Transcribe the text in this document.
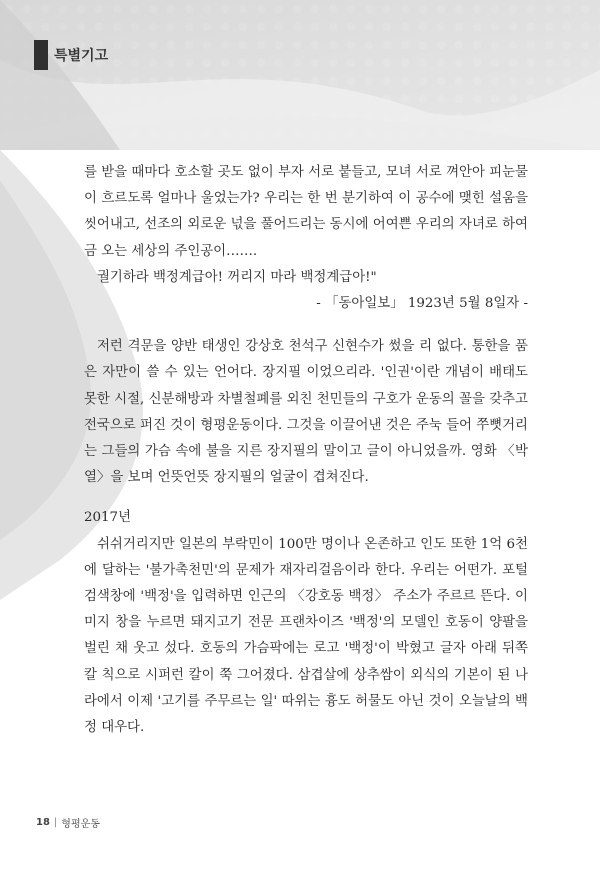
특별기고

를 받을 때마다 호소할 곳도 없이 부자 서로 붙들고, 모녀 서로 껴안아 피눈물이 흐르도록 얼마나 울었는가? 우리는 한 번 분기하여 이 공수에 맺힌 설움을 씻어내고, 선조의 외로운 넋을 풀어드리는 동시에 어여쁜 우리의 자녀로 하여금 오는 세상의 주인공이…….

궐기하라 백정계급아! 꺼리지 마라 백정계급아!"

- 「동아일보」 1923년 5월 8일자 -

저런 격문을 양반 태생인 강상호 천석구 신현수가 썼을 리 없다. 통한을 품은 자만이 쓸 수 있는 언어다. 장지필 이었으리라. '인권'이란 개념이 배태도 못한 시절, 신분해방과 차별철폐를 외친 천민들의 구호가 운동의 꼴을 갖추고 전국으로 퍼진 것이 형평운동이다. 그것을 이끌어낸 것은 주눅 들어 쭈뼛거리는 그들의 가슴 속에 불을 지른 장지필의 말이고 글이 아니었을까. 영화 〈박열〉을 보며 언뜻언뜻 장지필의 얼굴이 겹쳐진다.

2017년

쉬쉬거리지만 일본의 부락민이 100만 명이나 온존하고 인도 또한 1억 6천에 달하는 '불가촉천민'의 문제가 재자리걸음이라 한다. 우리는 어떤가. 포털 검색창에 '백정'을 입력하면 인근의 〈강호동 백정〉 주소가 주르르 뜬다. 이미지 창을 누르면 돼지고기 전문 프랜차이즈 '백정'의 모델인 호동이 양팔을 벌린 채 웃고 섰다. 호동의 가슴팍에는 로고 '백정'이 박혔고 글자 아래 뒤쪽 칼 칙으로 시퍼런 칼이 쭉 그어졌다. 삼겹살에 상추쌈이 외식의 기본이 된 나라에서 이제 '고기를 주무르는 일' 따위는 흉도 허물도 아닌 것이 오늘날의 백정 대우다.

18 | 형평운동
